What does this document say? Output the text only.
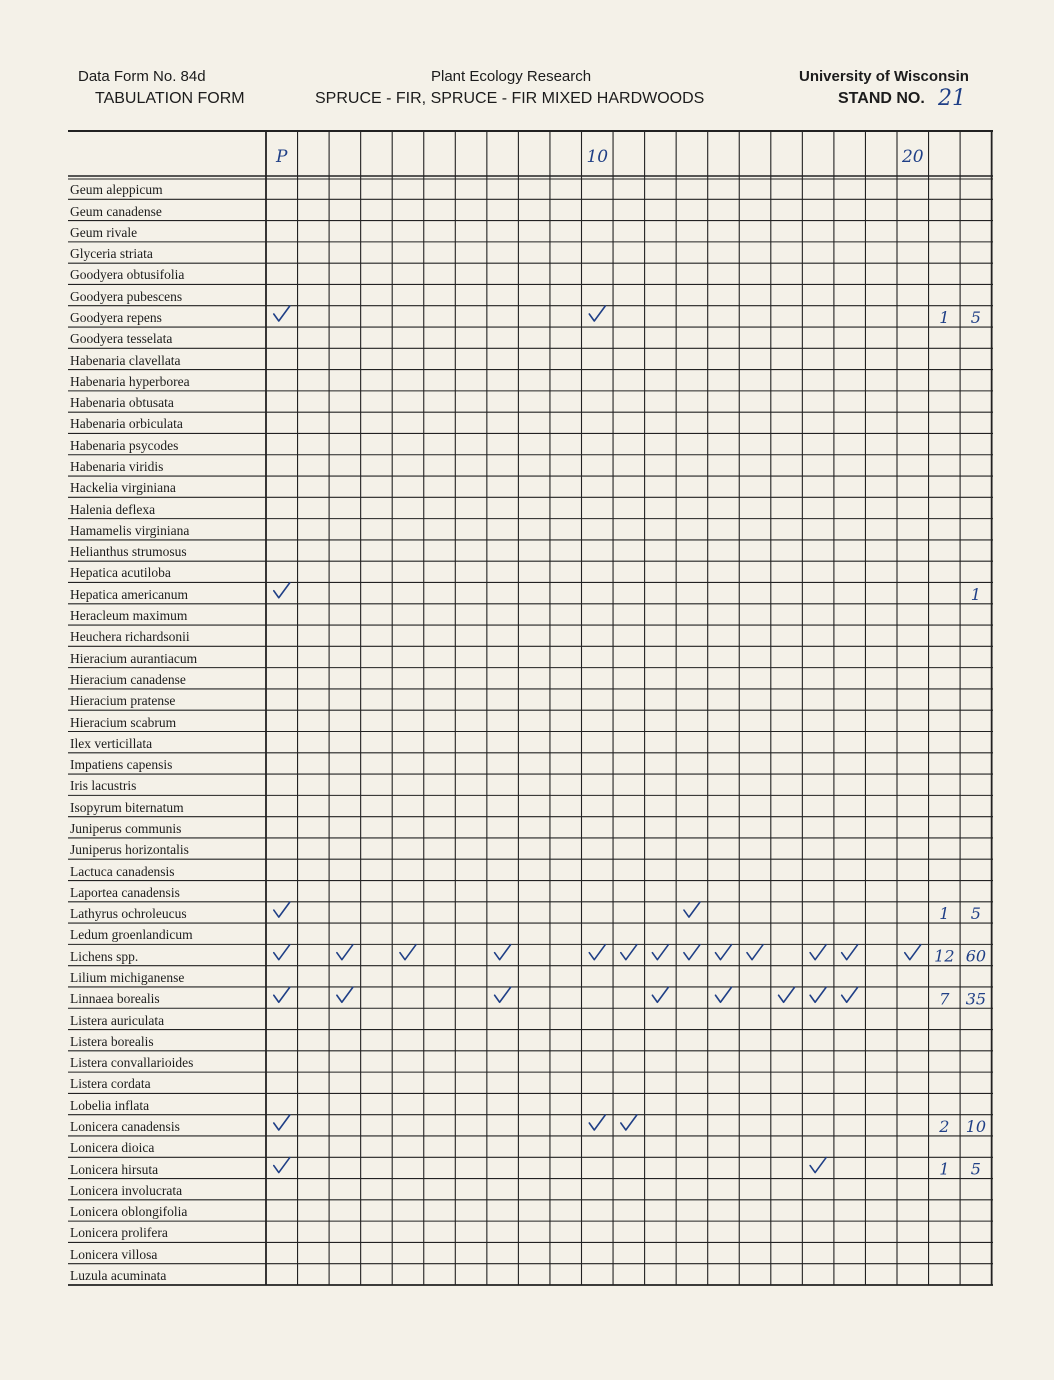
Data Form No. 84d
TABULATION FORM
Plant Ecology Research
SPRUCE - FIR, SPRUCE - FIR MIXED HARDWOODS
University of Wisconsin
STAND NO. 21
P	10	20
1 5
1
1 5
12 60
7 35
2 10
1 5
Geum aleppicum
Geum canadense
Geum rivale
Glyceria striata
Goodyera obtusifolia
Goodyera pubescens
Goodyera repens
Goodyera tesselata
Habenaria clavellata
Habenaria hyperborea
Habenaria obtusata
Habenaria orbiculata
Habenaria psycodes
Habenaria viridis
Hackelia virginiana
Halenia deflexa
Hamamelis virginiana
Helianthus strumosus
Hepatica acutiloba
Hepatica americanum
Heracleum maximum
Heuchera richardsonii
Hieracium aurantiacum
Hieracium canadense
Hieracium pratense
Hieracium scabrum
Ilex verticillata
Impatiens capensis
Iris lacustris
Isopyrum biternatum
Juniperus communis
Juniperus horizontalis
Lactuca canadensis
Laportea canadensis
Lathyrus ochroleucus
Ledum groenlandicum
Lichens spp.
Lilium michiganense
Linnaea borealis
Listera auriculata
Listera borealis
Listera convallarioides
Listera cordata
Lobelia inflata
Lonicera canadensis
Lonicera dioica
Lonicera hirsuta
Lonicera involucrata
Lonicera oblongifolia
Lonicera prolifera
Lonicera villosa
Luzula acuminata
